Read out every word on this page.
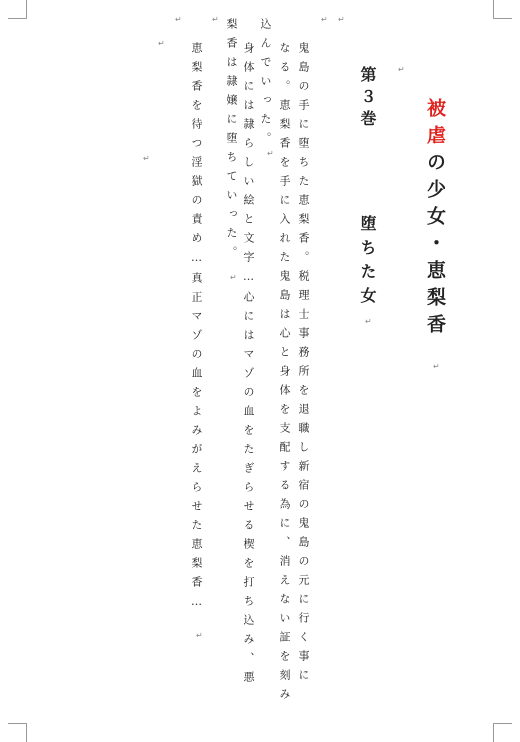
被虐の少女・恵梨香
↵
↵
第３巻
堕ちた女
↵
鬼島の手に堕ちた恵梨香。税理士事務所を退職し新宿の鬼島の元に行く事に
なる。恵梨香を手に入れた鬼島は心と身体を支配する為に、消えない証を刻み
込んでいった。
身体には隷らしい絵と文字…心にはマゾの血をたぎらせる楔を打ち込み、悪
梨香は隷嬢に堕ちていった。
恵梨香を待つ淫獄の責め…真正マゾの血をよみがえらせた恵梨香…
↵ ↵
↵
↵
↵
↵
↵
↵
↵
